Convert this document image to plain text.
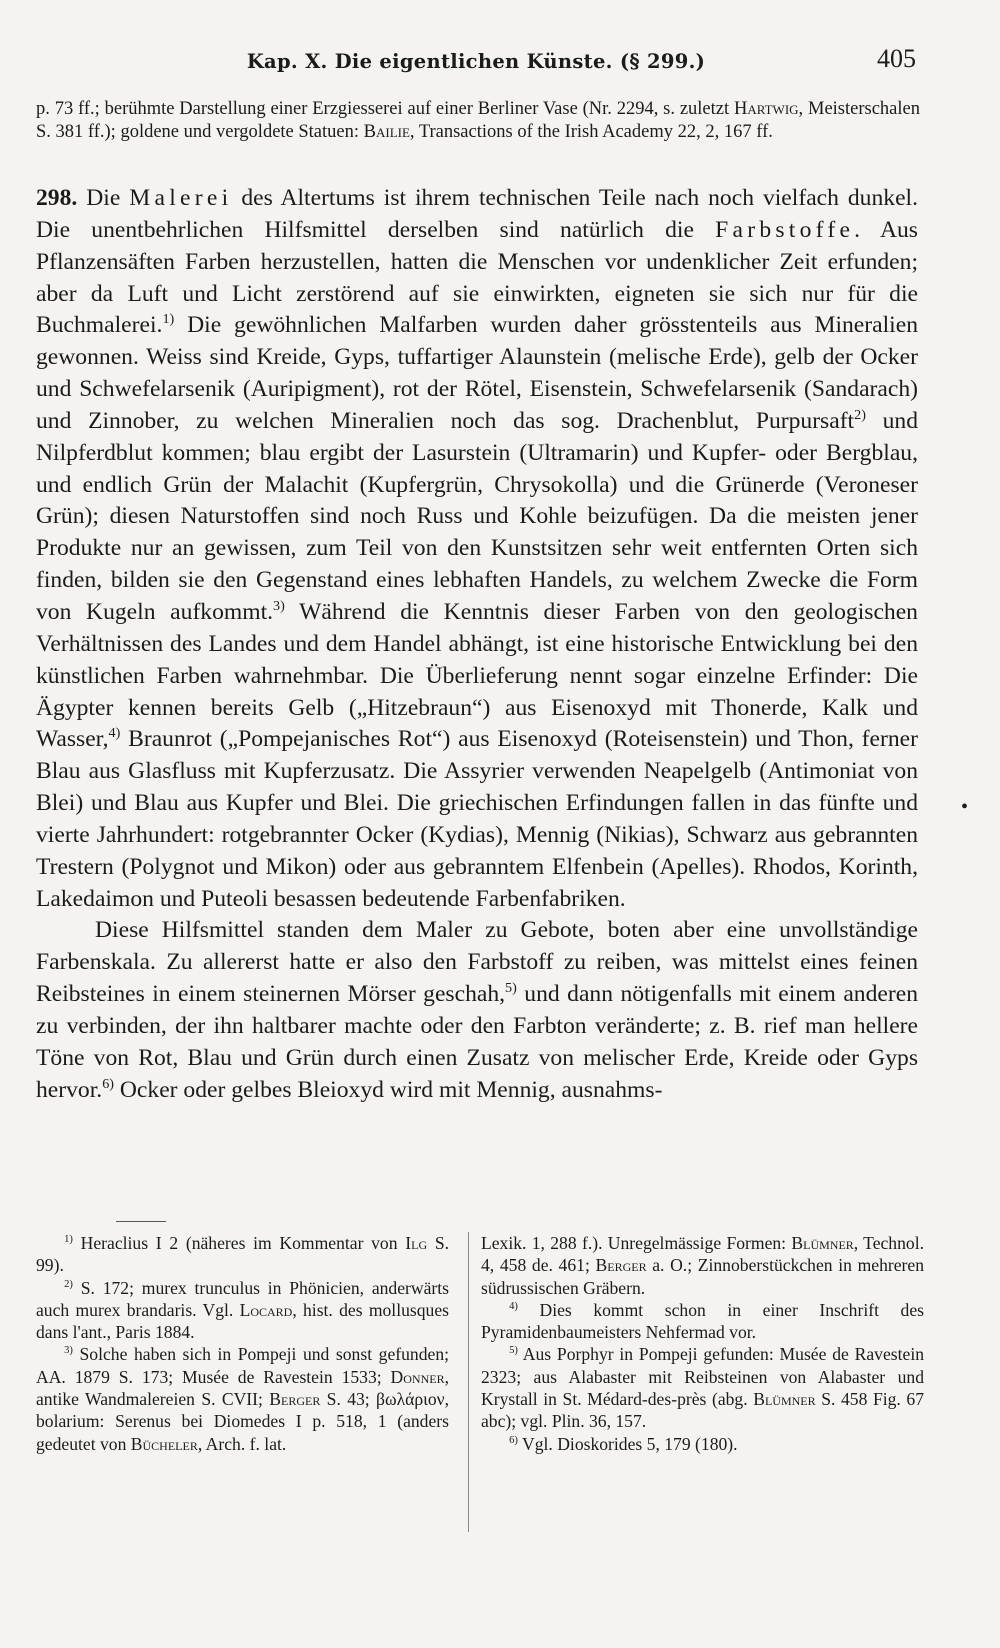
Kap. X. Die eigentlichen Künste. (§ 299.)	405
p. 73 ff.; berühmte Darstellung einer Erzgiesserei auf einer Berliner Vase (Nr. 2294, s. zuletzt Hartwig, Meisterschalen S. 381 ff.); goldene und vergoldete Statuen: Bailie, Transactions of the Irish Academy 22, 2, 167 ff.

298. Die Malerei des Altertums ist ihrem technischen Teile nach noch vielfach dunkel. Die unentbehrlichen Hilfsmittel derselben sind natürlich die Farbstoffe. Aus Pflanzensäften Farben herzustellen, hatten die Menschen vor undenklicher Zeit erfunden; aber da Luft und Licht zerstörend auf sie einwirkten, eigneten sie sich nur für die Buchmalerei.$^{1)}$ Die gewöhnlichen Malfarben wurden daher grösstenteils aus Mineralien gewonnen. Weiss sind Kreide, Gyps, tuffartiger Alaunstein (melische Erde), gelb der Ocker und Schwefelarsenik (Auripigment), rot der Rötel, Eisenstein, Schwefelarsenik (Sandarach) und Zinnober, zu welchen Mineralien noch das sog. Drachenblut, Purpursaft$^{2)}$ und Nilpferdblut kommen; blau ergibt der Lasurstein (Ultramarin) und Kupfer- oder Bergblau, und endlich Grün der Malachit (Kupfergrün, Chrysokolla) und die Grünerde (Veroneser Grün); diesen Naturstoffen sind noch Russ und Kohle beizufügen. Da die meisten jener Produkte nur an gewissen, zum Teil von den Kunstsitzen sehr weit entfernten Orten sich finden, bilden sie den Gegenstand eines lebhaften Handels, zu welchem Zwecke die Form von Kugeln aufkommt.$^{3)}$ Während die Kenntnis dieser Farben von den geologischen Verhältnissen des Landes und dem Handel abhängt, ist eine historische Entwicklung bei den künstlichen Farben wahrnehmbar. Die Überlieferung nennt sogar einzelne Erfinder: Die Ägypter kennen bereits Gelb („Hitzebraun“) aus Eisenoxyd mit Thonerde, Kalk und Wasser,$^{4)}$ Braunrot („Pompejanisches Rot“) aus Eisenoxyd (Roteisenstein) und Thon, ferner Blau aus Glasfluss mit Kupferzusatz. Die Assyrier verwenden Neapelgelb (Antimoniat von Blei) und Blau aus Kupfer und Blei. Die griechischen Erfindungen fallen in das fünfte und vierte Jahrhundert: rotgebrannter Ocker (Kydias), Mennig (Nikias), Schwarz aus gebrannten Trestern (Polygnot und Mikon) oder aus gebranntem Elfenbein (Apelles). Rhodos, Korinth, Lakedaimon und Puteoli besassen bedeutende Farbenfabriken.

Diese Hilfsmittel standen dem Maler zu Gebote, boten aber eine unvollständige Farbenskala. Zu allererst hatte er also den Farbstoff zu reiben, was mittelst eines feinen Reibsteines in einem steinernen Mörser geschah,$^{5)}$ und dann nötigenfalls mit einem anderen zu verbinden, der ihn haltbarer machte oder den Farbton veränderte; z. B. rief man hellere Töne von Rot, Blau und Grün durch einen Zusatz von melischer Erde, Kreide oder Gyps hervor.$^{6)}$ Ocker oder gelbes Bleioxyd wird mit Mennig, ausnahms-

$^{1)}$ Heraclius I 2 (näheres im Kommentar von Ilg S. 99).

$^{2)}$ S. 172; murex trunculus in Phönicien, anderwärts auch murex brandaris. Vgl. Locard, hist. des mollusques dans l'ant., Paris 1884.

$^{3)}$ Solche haben sich in Pompeji und sonst gefunden; AA. 1879 S. 173; Musée de Ravestein 1533; Donner, antike Wandmalereien S. CVII; Berger S. 43; βωλάριον, bolarium: Serenus bei Diomedes I p. 518, 1 (anders gedeutet von Bücheler, Arch. f. lat.

Lexik. 1, 288 f.). Unregelmässige Formen: Blümner, Technol. 4, 458 de. 461; Berger a. O.; Zinnoberstückchen in mehreren südrussischen Gräbern.

$^{4)}$ Dies kommt schon in einer Inschrift des Pyramidenbaumeisters Nehfermad vor.

$^{5)}$ Aus Porphyr in Pompeji gefunden: Musée de Ravestein 2323; aus Alabaster mit Reibsteinen von Alabaster und Krystall in St. Médard-des-près (abg. Blümner S. 458 Fig. 67 abc); vgl. Plin. 36, 157.

$^{6)}$ Vgl. Dioskorides 5, 179 (180).

•
